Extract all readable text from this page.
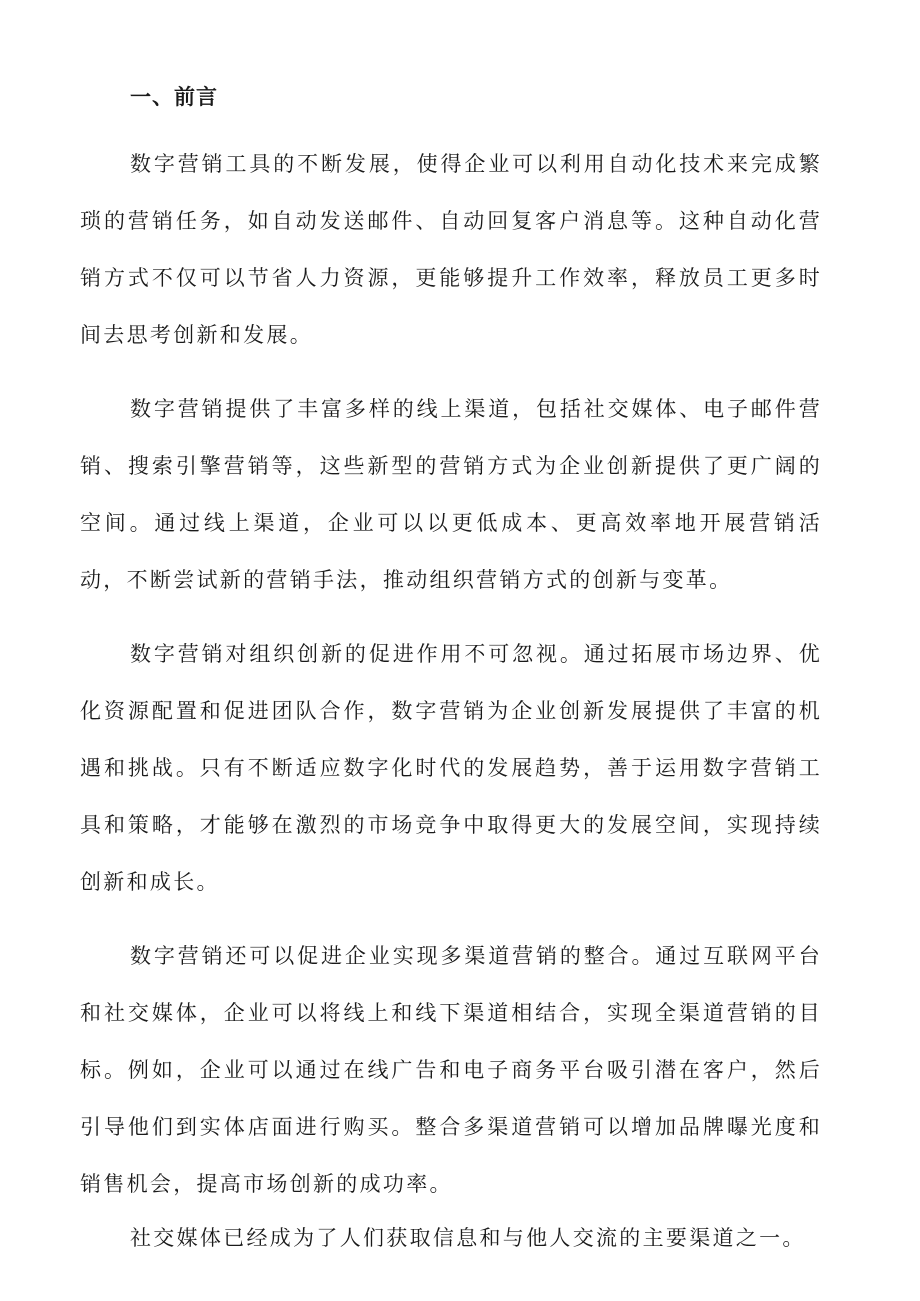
一、前言

数字营销工具的不断发展，使得企业可以利用自动化技术来完成繁琐的营销任务，如自动发送邮件、自动回复客户消息等。这种自动化营销方式不仅可以节省人力资源，更能够提升工作效率，释放员工更多时间去思考创新和发展。

数字营销提供了丰富多样的线上渠道，包括社交媒体、电子邮件营销、搜索引擎营销等，这些新型的营销方式为企业创新提供了更广阔的空间。通过线上渠道，企业可以以更低成本、更高效率地开展营销活动，不断尝试新的营销手法，推动组织营销方式的创新与变革。

数字营销对组织创新的促进作用不可忽视。通过拓展市场边界、优化资源配置和促进团队合作，数字营销为企业创新发展提供了丰富的机遇和挑战。只有不断适应数字化时代的发展趋势，善于运用数字营销工具和策略，才能够在激烈的市场竞争中取得更大的发展空间，实现持续创新和成长。

数字营销还可以促进企业实现多渠道营销的整合。通过互联网平台和社交媒体，企业可以将线上和线下渠道相结合，实现全渠道营销的目标。例如，企业可以通过在线广告和电子商务平台吸引潜在客户，然后引导他们到实体店面进行购买。整合多渠道营销可以增加品牌曝光度和销售机会，提高市场创新的成功率。

社交媒体已经成为了人们获取信息和与他人交流的主要渠道之一。
